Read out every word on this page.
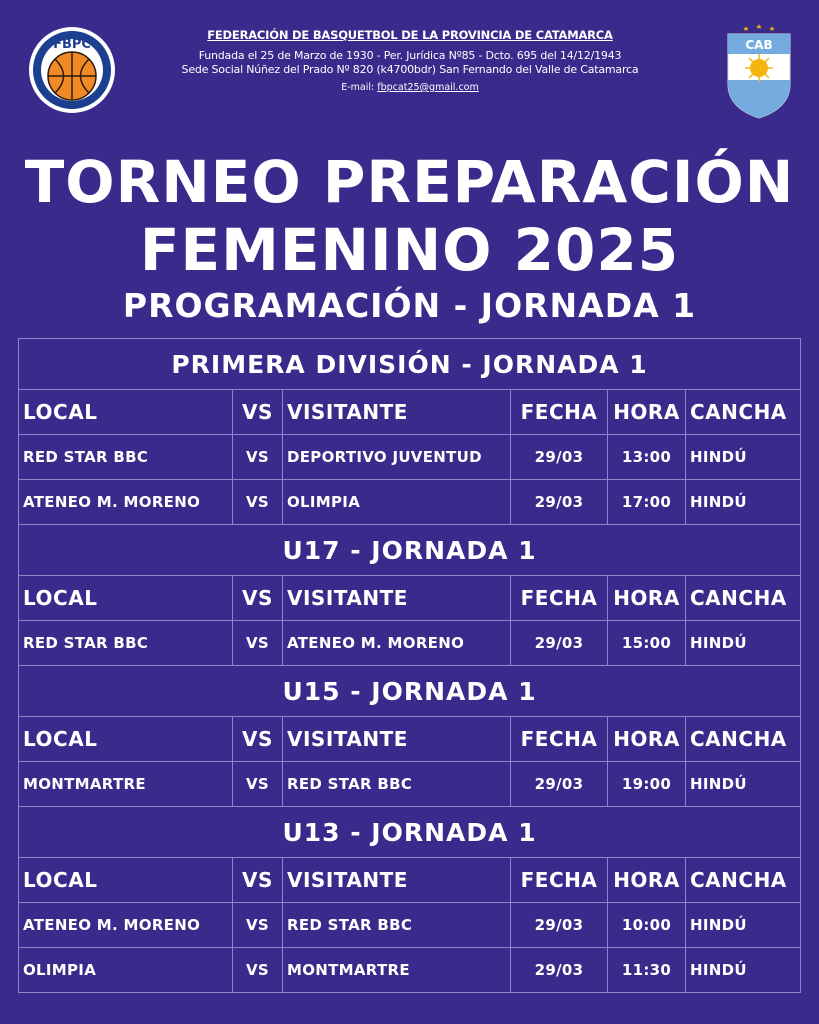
FBPC
FEDERACIÓN DE BASQUETBOL DE LA PROVINCIA DE CATAMARCA
Fundada el 25 de Marzo de 1930 - Per. Jurídica Nº85 - Dcto. 695 del 14/12/1943
Sede Social Núñez del Prado Nº 820 (k4700bdr) San Fernando del Valle de Catamarca
E-mail: fbpcat25@gmail.com
CAB
TORNEO PREPARACIÓN
FEMENINO 2025
PROGRAMACIÓN - JORNADA 1
PRIMERA DIVISIÓN - JORNADA 1					
LOCAL	VS	VISITANTE	FECHA	HORA	CANCHA
RED STAR BBC	VS	DEPORTIVO JUVENTUD	29/03	13:00	HINDÚ
ATENEO M. MORENO	VS	OLIMPIA	29/03	17:00	HINDÚ
U17 - JORNADA 1					
LOCAL	VS	VISITANTE	FECHA	HORA	CANCHA
RED STAR BBC	VS	ATENEO M. MORENO	29/03	15:00	HINDÚ
U15 - JORNADA 1					
LOCAL	VS	VISITANTE	FECHA	HORA	CANCHA
MONTMARTRE	VS	RED STAR BBC	29/03	19:00	HINDÚ
U13 - JORNADA 1					
LOCAL	VS	VISITANTE	FECHA	HORA	CANCHA
ATENEO M. MORENO	VS	RED STAR BBC	29/03	10:00	HINDÚ
OLIMPIA	VS	MONTMARTRE	29/03	11:30	HINDÚ
